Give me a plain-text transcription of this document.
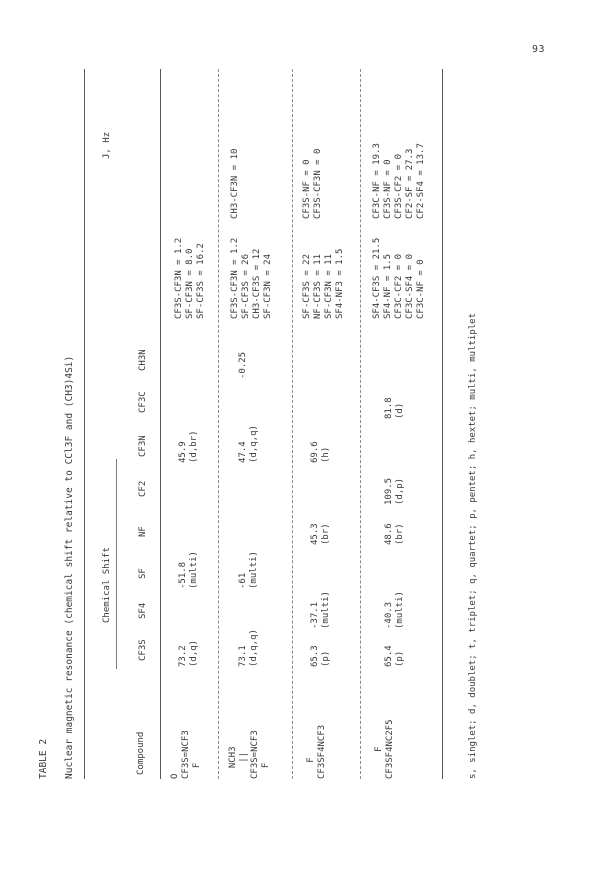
93
TABLE 2 Nuclear magnetic resonance (chemical shift relative to CCl3F and (CH3)4Si)	Compound
Chemical Shift
CF3S
SF4
SF
NF
CF2
CF3N
CF3C
CH3N
J, Hz
O
CF3S=NCF3
F
73.2
(d,q)
-51.8
(multi)
45.9
(d,br)
CF3S-CF3N = 1.2
SF-CF3N = 8.0
SF-CF3S = 16.2
NCH3
||
CF3S=NCF3
F
73.1
(d,q,q)
-61
(multi)
47.4
(d,q,q)
-0.25
CF3S-CF3N = 1.2
SF-CF3S = 26
CH3-CF3S = 12
SF-CF3N = 24
CH3-CF3N = 10
F
CF3SF4NCF3
65.3
(p)
-37.1
(multi)
45.3
(br)
69.6
(h)
SF-CF3S = 22
NF-CF3S = 11
SF-CF3N = 11
SF4-NF3 = 1.5
CF3S-NF = 0
CF3S-CF3N = 0
F
CF3SF4NC2F5
65.4
(p)
-40.3
(multi)
48.6
(br)
109.5
(d,p)
81.8
(d)
SF4-CF3S = 21.5
SF4-NF = 1.5
CF3C-CF2 = 0
CF3C-SF4 = 0
CF3C-NF = 0
CF3C-NF = 19.3
CF3S-NF = 0
CF3S-CF2 = 0
CF2-SF = 27.3
CF2-SF4 = 13.7
s, singlet; d, doublet; t, triplet; q, quartet; p, pentet; h, hextet; multi, multiplet
